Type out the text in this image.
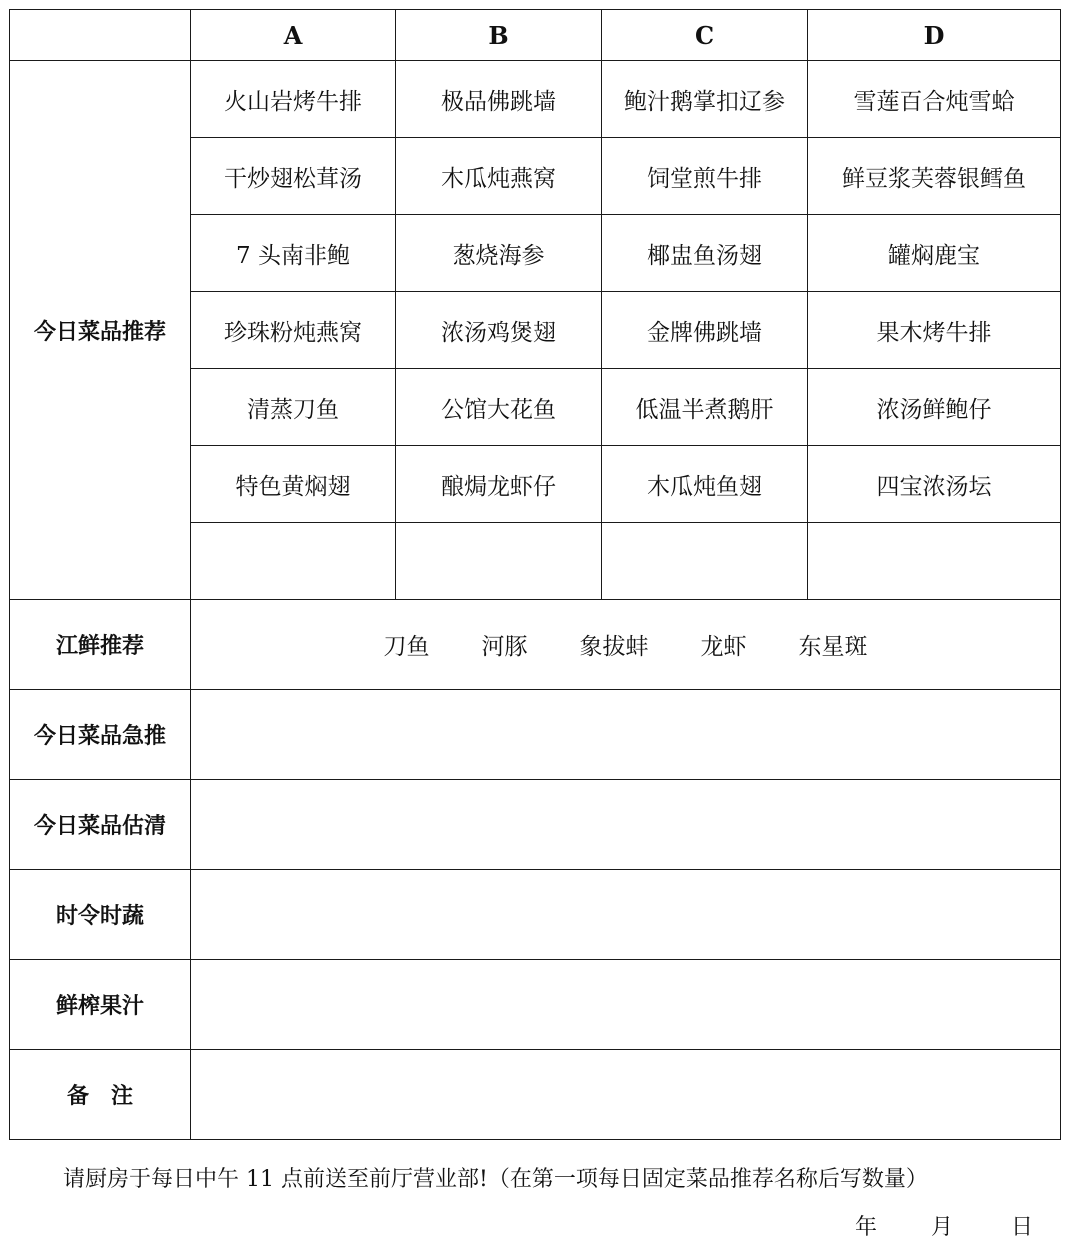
	A	B	C	D
今日菜品推荐	火山岩烤牛排	极品佛跳墙	鲍汁鹅掌扣辽参	雪莲百合炖雪蛤
	干炒翅松茸汤	木瓜炖燕窝	饲堂煎牛排	鲜豆浆芙蓉银鳕鱼
	7 头南非鲍	葱烧海参	椰盅鱼汤翅	罐焖鹿宝
	珍珠粉炖燕窝	浓汤鸡煲翅	金牌佛跳墙	果木烤牛排
	清蒸刀鱼	公馆大花鱼	低温半煮鹅肝	浓汤鲜鲍仔
	特色黄焖翅	酿焗龙虾仔	木瓜炖鱼翅	四宝浓汤坛

江鲜推荐	刀鱼 河豚 象拔蚌 龙虾 东星斑			

今日菜品急推				
今日菜品估清				
时令时蔬				
鲜榨果汁				
备　注				
请厨房于每日中午 11 点前送至前厅营业部!（在第一项每日固定菜品推荐名称后写数量）
年 月	日
